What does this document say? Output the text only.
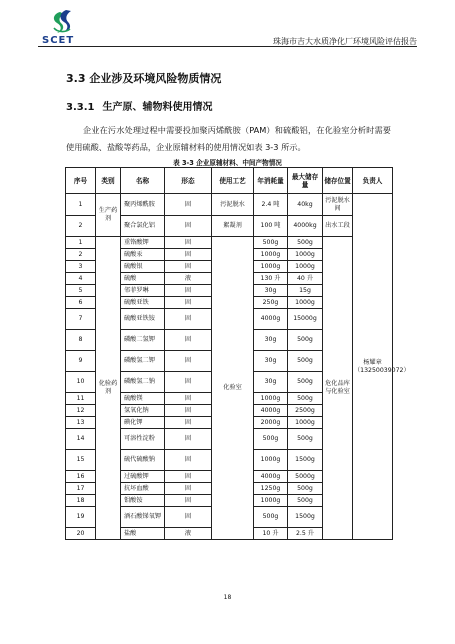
SCET	珠海市吉大水质净化厂环境风险评估报告
3.3 企业涉及环境风险物质情况
3.3.1 生产原、辅物料使用情况
企业在污水处理过程中需要投加聚丙烯酰胺（PAM）和硫酸铝，在化验室分析时需要使用硫酸、盐酸等药品，企业原辅材料的使用情况如表 3-3 所示。
表 3-3 企业原辅材料、中间产物情况
序号	类别	名称	形态	使用工艺	年消耗量	最大储存量	储存位置	负责人
1	生产药剂	聚丙烯酰胺	固	污泥脱水	2.4 吨	40kg	污泥脱水间	杨耀章（13250039072）
2		聚合氯化铝	固	絮凝剂	100 吨	4000kg	出水工段	
1	化验药剂	重铬酸钾	固	化验室	500g	500g	危化品库与化验室	
2		硫酸汞	固		1000g	1000g		
3		硫酸银	固		1000g	1000g		
4		硫酸	液		130 升	40 升		
5		邻菲罗啉	固		30g	15g		
6		硫酸亚铁	固		250g	1000g		
7		硫酸亚铁铵	固		4000g	15000g		
8		磷酸二氢钾	固		30g	500g		
9		磷酸氢二钾	固		30g	500g		
10		磷酸氢二钠	固		30g	500g		
11		硫酸镁	固		1000g	500g		
12		氢氧化钠	固		4000g	2500g		
13		碘化钾	固		2000g	1000g		
14		可溶性淀粉	固		500g	500g		
15		硫代硫酸钠	固		1000g	1500g		
16		过硫酸钾	固		4000g	5000g		
17		抗坏血酸	固		1250g	500g		
18		钼酸铵	固		1000g	500g		
19		酒石酸锑氧钾	固		500g	1500g		
20		盐酸	液		10 升	2.5 升		
18
